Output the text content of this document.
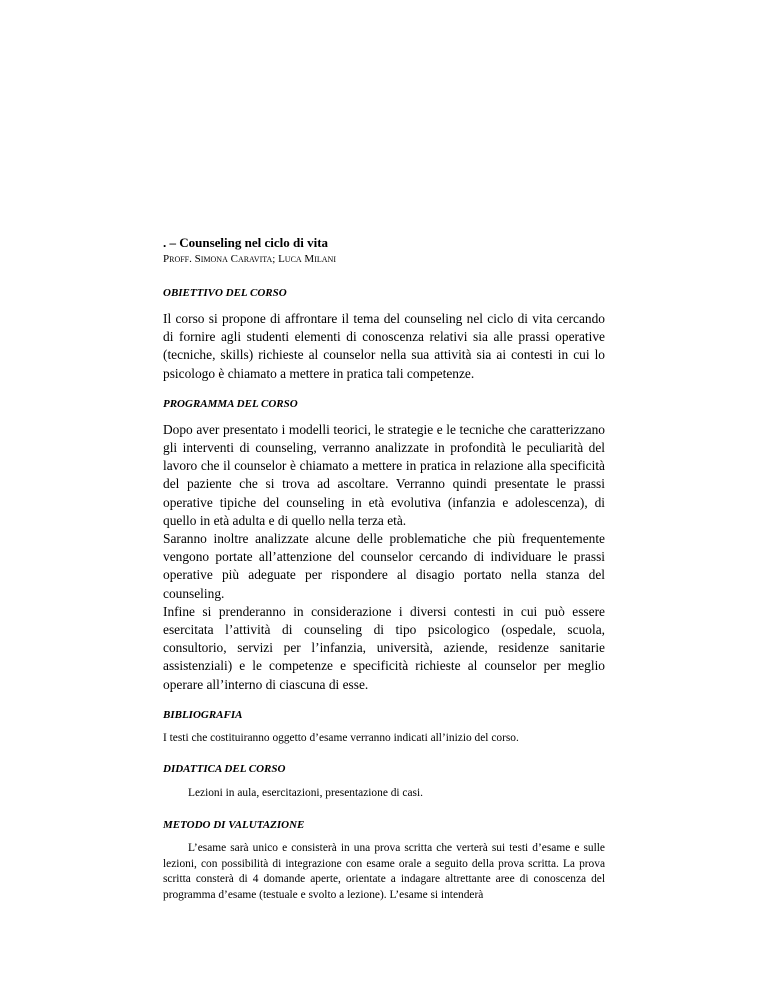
. – Counseling nel ciclo di vita

Proff. Simona Caravita; Luca Milani

OBIETTIVO DEL CORSO

Il corso si propone di affrontare il tema del counseling nel ciclo di vita cercando di fornire agli studenti elementi di conoscenza relativi sia alle prassi operative (tecniche, skills) richieste al counselor nella sua attività sia ai contesti in cui lo psicologo è chiamato a mettere in pratica tali competenze.

PROGRAMMA DEL CORSO

Dopo aver presentato i modelli teorici, le strategie e le tecniche che caratterizzano gli interventi di counseling, verranno analizzate in profondità le peculiarità del lavoro che il counselor è chiamato a mettere in pratica in relazione alla specificità del paziente che si trova ad ascoltare. Verranno quindi presentate le prassi operative tipiche del counseling in età evolutiva (infanzia e adolescenza), di quello in età adulta e di quello nella terza età.

Saranno inoltre analizzate alcune delle problematiche che più frequentemente vengono portate all’attenzione del counselor cercando di individuare le prassi operative più adeguate per rispondere al disagio portato nella stanza del counseling.

Infine si prenderanno in considerazione i diversi contesti in cui può essere esercitata l’attività di counseling di tipo psicologico (ospedale, scuola, consultorio, servizi per l’infanzia, università, aziende, residenze sanitarie assistenziali) e le competenze e specificità richieste al counselor per meglio operare all’interno di ciascuna di esse.

BIBLIOGRAFIA

I testi che costituiranno oggetto d’esame verranno indicati all’inizio del corso.

DIDATTICA DEL CORSO

Lezioni in aula, esercitazioni, presentazione di casi.

METODO DI VALUTAZIONE

L’esame sarà unico e consisterà in una prova scritta che verterà sui testi d’esame e sulle lezioni, con possibilità di integrazione con esame orale a seguito della prova scritta. La prova scritta consterà di 4 domande aperte, orientate a indagare altrettante aree di conoscenza del programma d’esame (testuale e svolto a lezione). L’esame si intenderà
